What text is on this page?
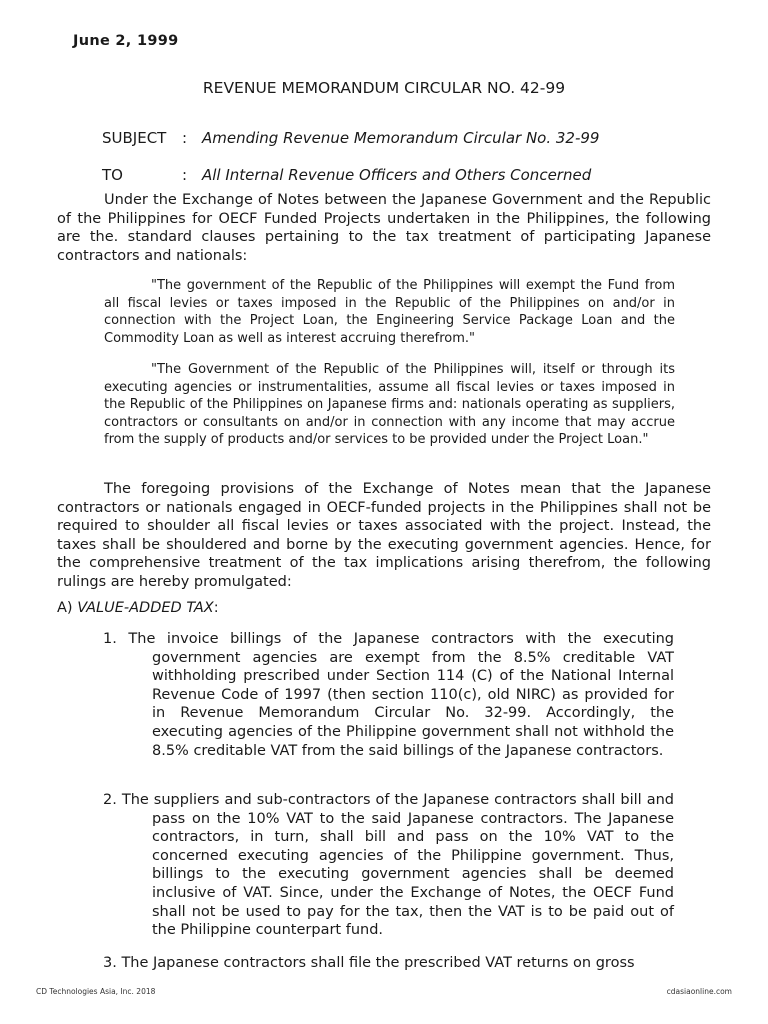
June 2, 1999
REVENUE MEMORANDUM CIRCULAR NO. 42-99
SUBJECT : Amending Revenue Memorandum Circular No. 32-99
TO	: All Internal Revenue Officers and Others Concerned
Under the Exchange of Notes between the Japanese Government and the Republic of the Philippines for OECF Funded Projects undertaken in the Philippines, the following are the. standard clauses pertaining to the tax treatment of participating Japanese contractors and nationals:
"The government of the Republic of the Philippines will exempt the Fund from all fiscal levies or taxes imposed in the Republic of the Philippines on and/or in connection with the Project Loan, the Engineering Service Package Loan and the Commodity Loan as well as interest accruing therefrom."
"The Government of the Republic of the Philippines will, itself or through its executing agencies or instrumentalities, assume all fiscal levies or taxes imposed in the Republic of the Philippines on Japanese firms and: nationals operating as suppliers, contractors or consultants on and/or in connection with any income that may accrue from the supply of products and/or services to be provided under the Project Loan."
The foregoing provisions of the Exchange of Notes mean that the Japanese contractors or nationals engaged in OECF-funded projects in the Philippines shall not be required to shoulder all fiscal levies or taxes associated with the project. Instead, the taxes shall be shouldered and borne by the executing government agencies. Hence, for the comprehensive treatment of the tax implications arising therefrom, the following rulings are hereby promulgated:
A) VALUE-ADDED TAX:
1. The invoice billings of the Japanese contractors with the executing government agencies are exempt from the 8.5% creditable VAT withholding prescribed under Section 114 (C) of the National Internal Revenue Code of 1997 (then section 110(c), old NIRC) as provided for in Revenue Memorandum Circular No. 32-99. Accordingly, the executing agencies of the Philippine government shall not withhold the 8.5% creditable VAT from the said billings of the Japanese contractors.
2. The suppliers and sub-contractors of the Japanese contractors shall bill and pass on the 10% VAT to the said Japanese contractors. The Japanese contractors, in turn, shall bill and pass on the 10% VAT to the concerned executing agencies of the Philippine government. Thus, billings to the executing government agencies shall be deemed inclusive of VAT. Since, under the Exchange of Notes, the OECF Fund shall not be used to pay for the tax, then the VAT is to be paid out of the Philippine counterpart fund.
3. The Japanese contractors shall file the prescribed VAT returns on gross
CD Technologies Asia, Inc. 2018	cdasiaonline.com
